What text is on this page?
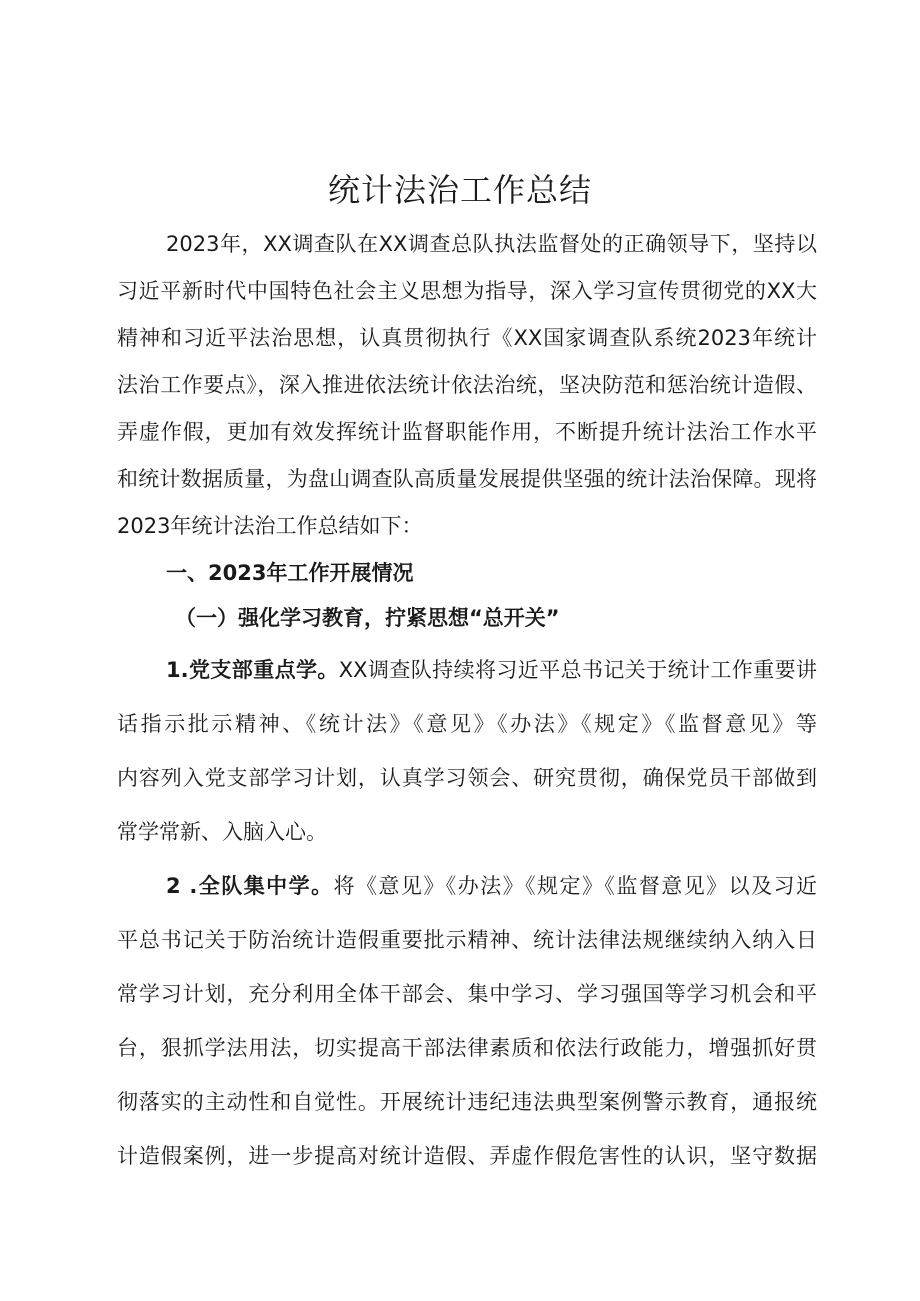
统计法治工作总结
2023年，XX调查队在XX调查总队执法监督处的正确领导下，坚持以
习近平新时代中国特色社会主义思想为指导，深入学习宣传贯彻党的XX大
精神和习近平法治思想，认真贯彻执行《XX国家调查队系统2023年统计
法治工作要点》，深入推进依法统计依法治统，坚决防范和惩治统计造假、
弄虚作假，更加有效发挥统计监督职能作用，不断提升统计法治工作水平
和统计数据质量，为盘山调查队高质量发展提供坚强的统计法治保障。现将
2023年统计法治工作总结如下：
一、2023年工作开展情况
（一）强化学习教育，拧紧思想“总开关”
1.党支部重点学。XX调查队持续将习近平总书记关于统计工作重要讲
话指示批示精神、《统计法》《意见》《办法》《规定》《监督意见》等
内容列入党支部学习计划，认真学习领会、研究贯彻，确保党员干部做到
常学常新、入脑入心。
2 .全队集中学。将《意见》《办法》《规定》《监督意见》以及习近
平总书记关于防治统计造假重要批示精神、统计法律法规继续纳入纳入日
常学习计划，充分利用全体干部会、集中学习、学习强国等学习机会和平
台，狠抓学法用法，切实提高干部法律素质和依法行政能力，增强抓好贯
彻落实的主动性和自觉性。开展统计违纪违法典型案例警示教育，通报统
计造假案例，进一步提高对统计造假、弄虚作假危害性的认识，坚守数据
